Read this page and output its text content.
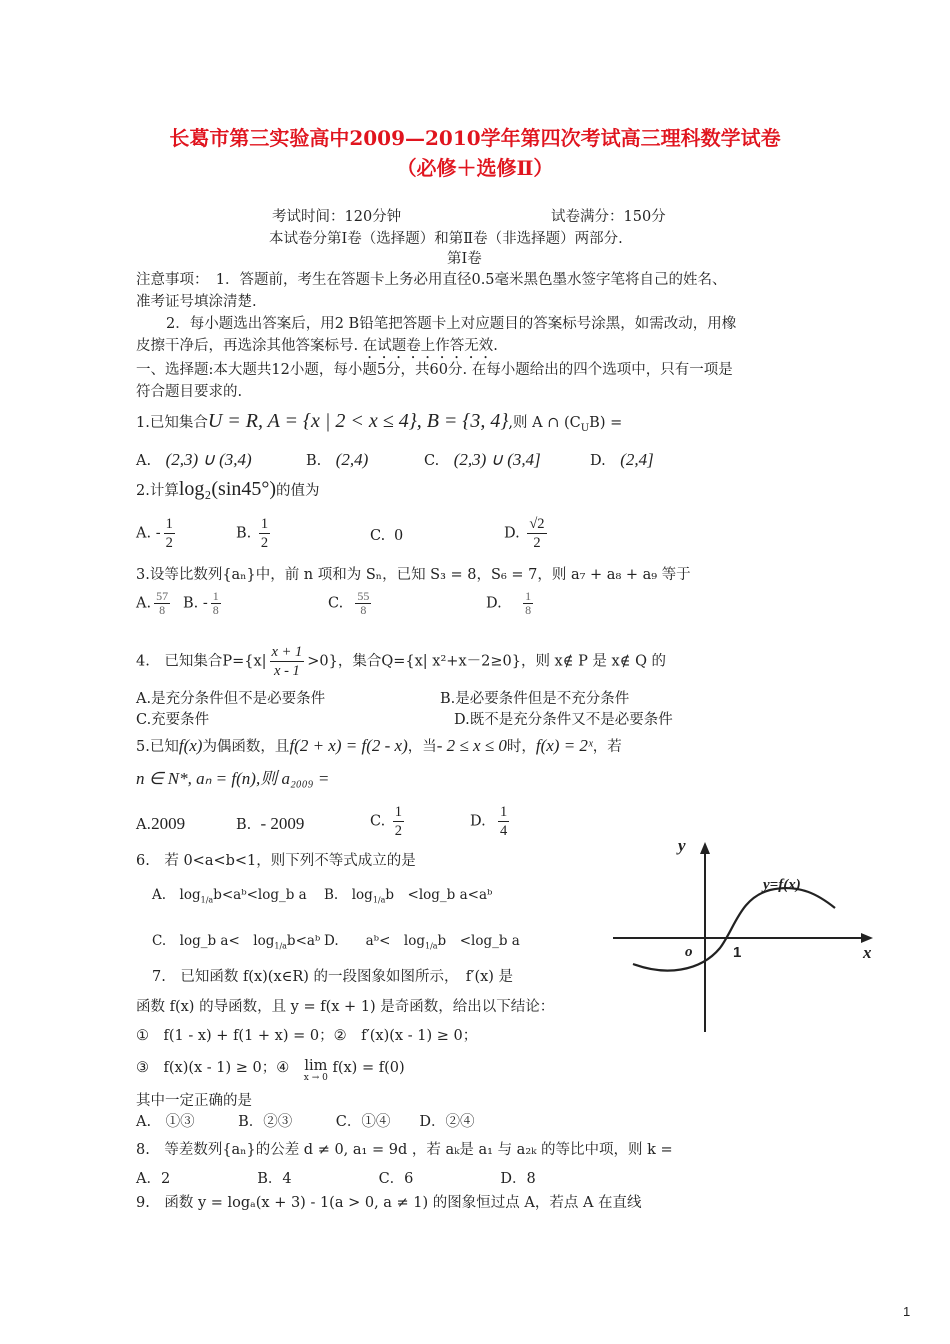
长葛市第三实验高中2009—2010学年第四次考试高三理科数学试卷
（必修＋选修Ⅱ）
考试时间：120分钟	试卷满分：150分
本试卷分第Ⅰ卷（选择题）和第Ⅱ卷（非选择题）两部分.
第Ⅰ卷
注意事项：　1．答题前，考生在答题卡上务必用直径0.5毫米黑色墨水签字笔将自己的姓名、
准考证号填涂清楚.
2．每小题选出答案后，用2 B铅笔把答题卡上对应题目的答案标号涂黑，如需改动，用橡
皮擦干净后，再选涂其他答案标号. 在试题卷上作答无效.
一、选择题:本大题共12小题，每小题5分，共60分. 在每小题给出的四个选项中，只有一项是
符合题目要求的.
1.已知集合U = R, A = {x | 2 < x ≤ 4}, B = {3, 4},则 A ∩ $(C_UB)$ =
A.　 (2,3) ∪ (3,4)	B.　 (2,4)	C.　 (2,3) ∪ (3,4]	D.　 (2,4]
2.计算log₂(sin45°)的值为
A. - $\frac{1}{2}$	B. $\frac{1}{2}$	C. 0	D. $\frac{√2}{2}$
3.设等比数列{aₙ}中，前 n 项和为 Sₙ，已知 S₃ = 8，S₆ = 7，则 a₇ + a₈ + a₉ 等于
A. $\frac{57}{8} B$. - $\frac{1}{8}$	C. $\frac{55}{8}$	D. $\frac{1}{8}$
4.　已知集合$P=\{x| \frac{x + 1}{x - 1} >0\}$，集合Q={x| x²+x－2≥0}，则 x∉ P 是 x∉ Q 的
A.是充分条件但不是必要条件	B.是必要条件但是不充分条件
C.充要条件	D.既不是充分条件又不是必要条件
5.已知f(x)为偶函数，且f(2 + x) = f(2 - x)，当- 2 ≤ x ≤ 0时，f(x) = 2ˣ，若
n ∈ N*, aₙ = f(n),则 a₂₀₀₉ =
A.2009	B. - 2009	C. $\frac{1}{2}$	D. $\frac{1}{4}$
6.　若 0<a<b<1，则下列不等式成立的是
A.　$\log_{1/a}b<aᵇ<\log\_b$ a B.　$\log_{1/a}b$　<log_b a<aᵇ
C.　log_b a<　$\log_{1/a}b<aᵇ$ D.　　aᵇ<　$\log_{1/a}b$　<log_b a
7.　已知函数 f(x)(x∈R) 的一段图象如图所示，　f′(x) 是
函数 f(x) 的导函数，且 y = f(x + 1) 是奇函数，给出以下结论：
①　f(1 - x) + f(1 + x) = 0；②　f′(x)(x - 1) ≥ 0；
③　f(x)(x - 1) ≥ 0；④　 lim
x → 0
f(x) = f(0)
其中一定正确的是
A.　①③　　　B．②③　　　C．①④　　D．②④
y
x
o	1
y=f(x)
8.　等差数列{aₙ}的公差 d ≠ 0, a₁ = 9d ，若 aₖ是 a₁ 与 a₂ₖ 的等比中项，则 k =
A．2　　　　　　B．4　　　　　　C．6　　　　　　D．8
9.　函数 y = logₐ(x + 3) - 1(a > 0, a ≠ 1) 的图象恒过点 A，若点 A 在直线
1
